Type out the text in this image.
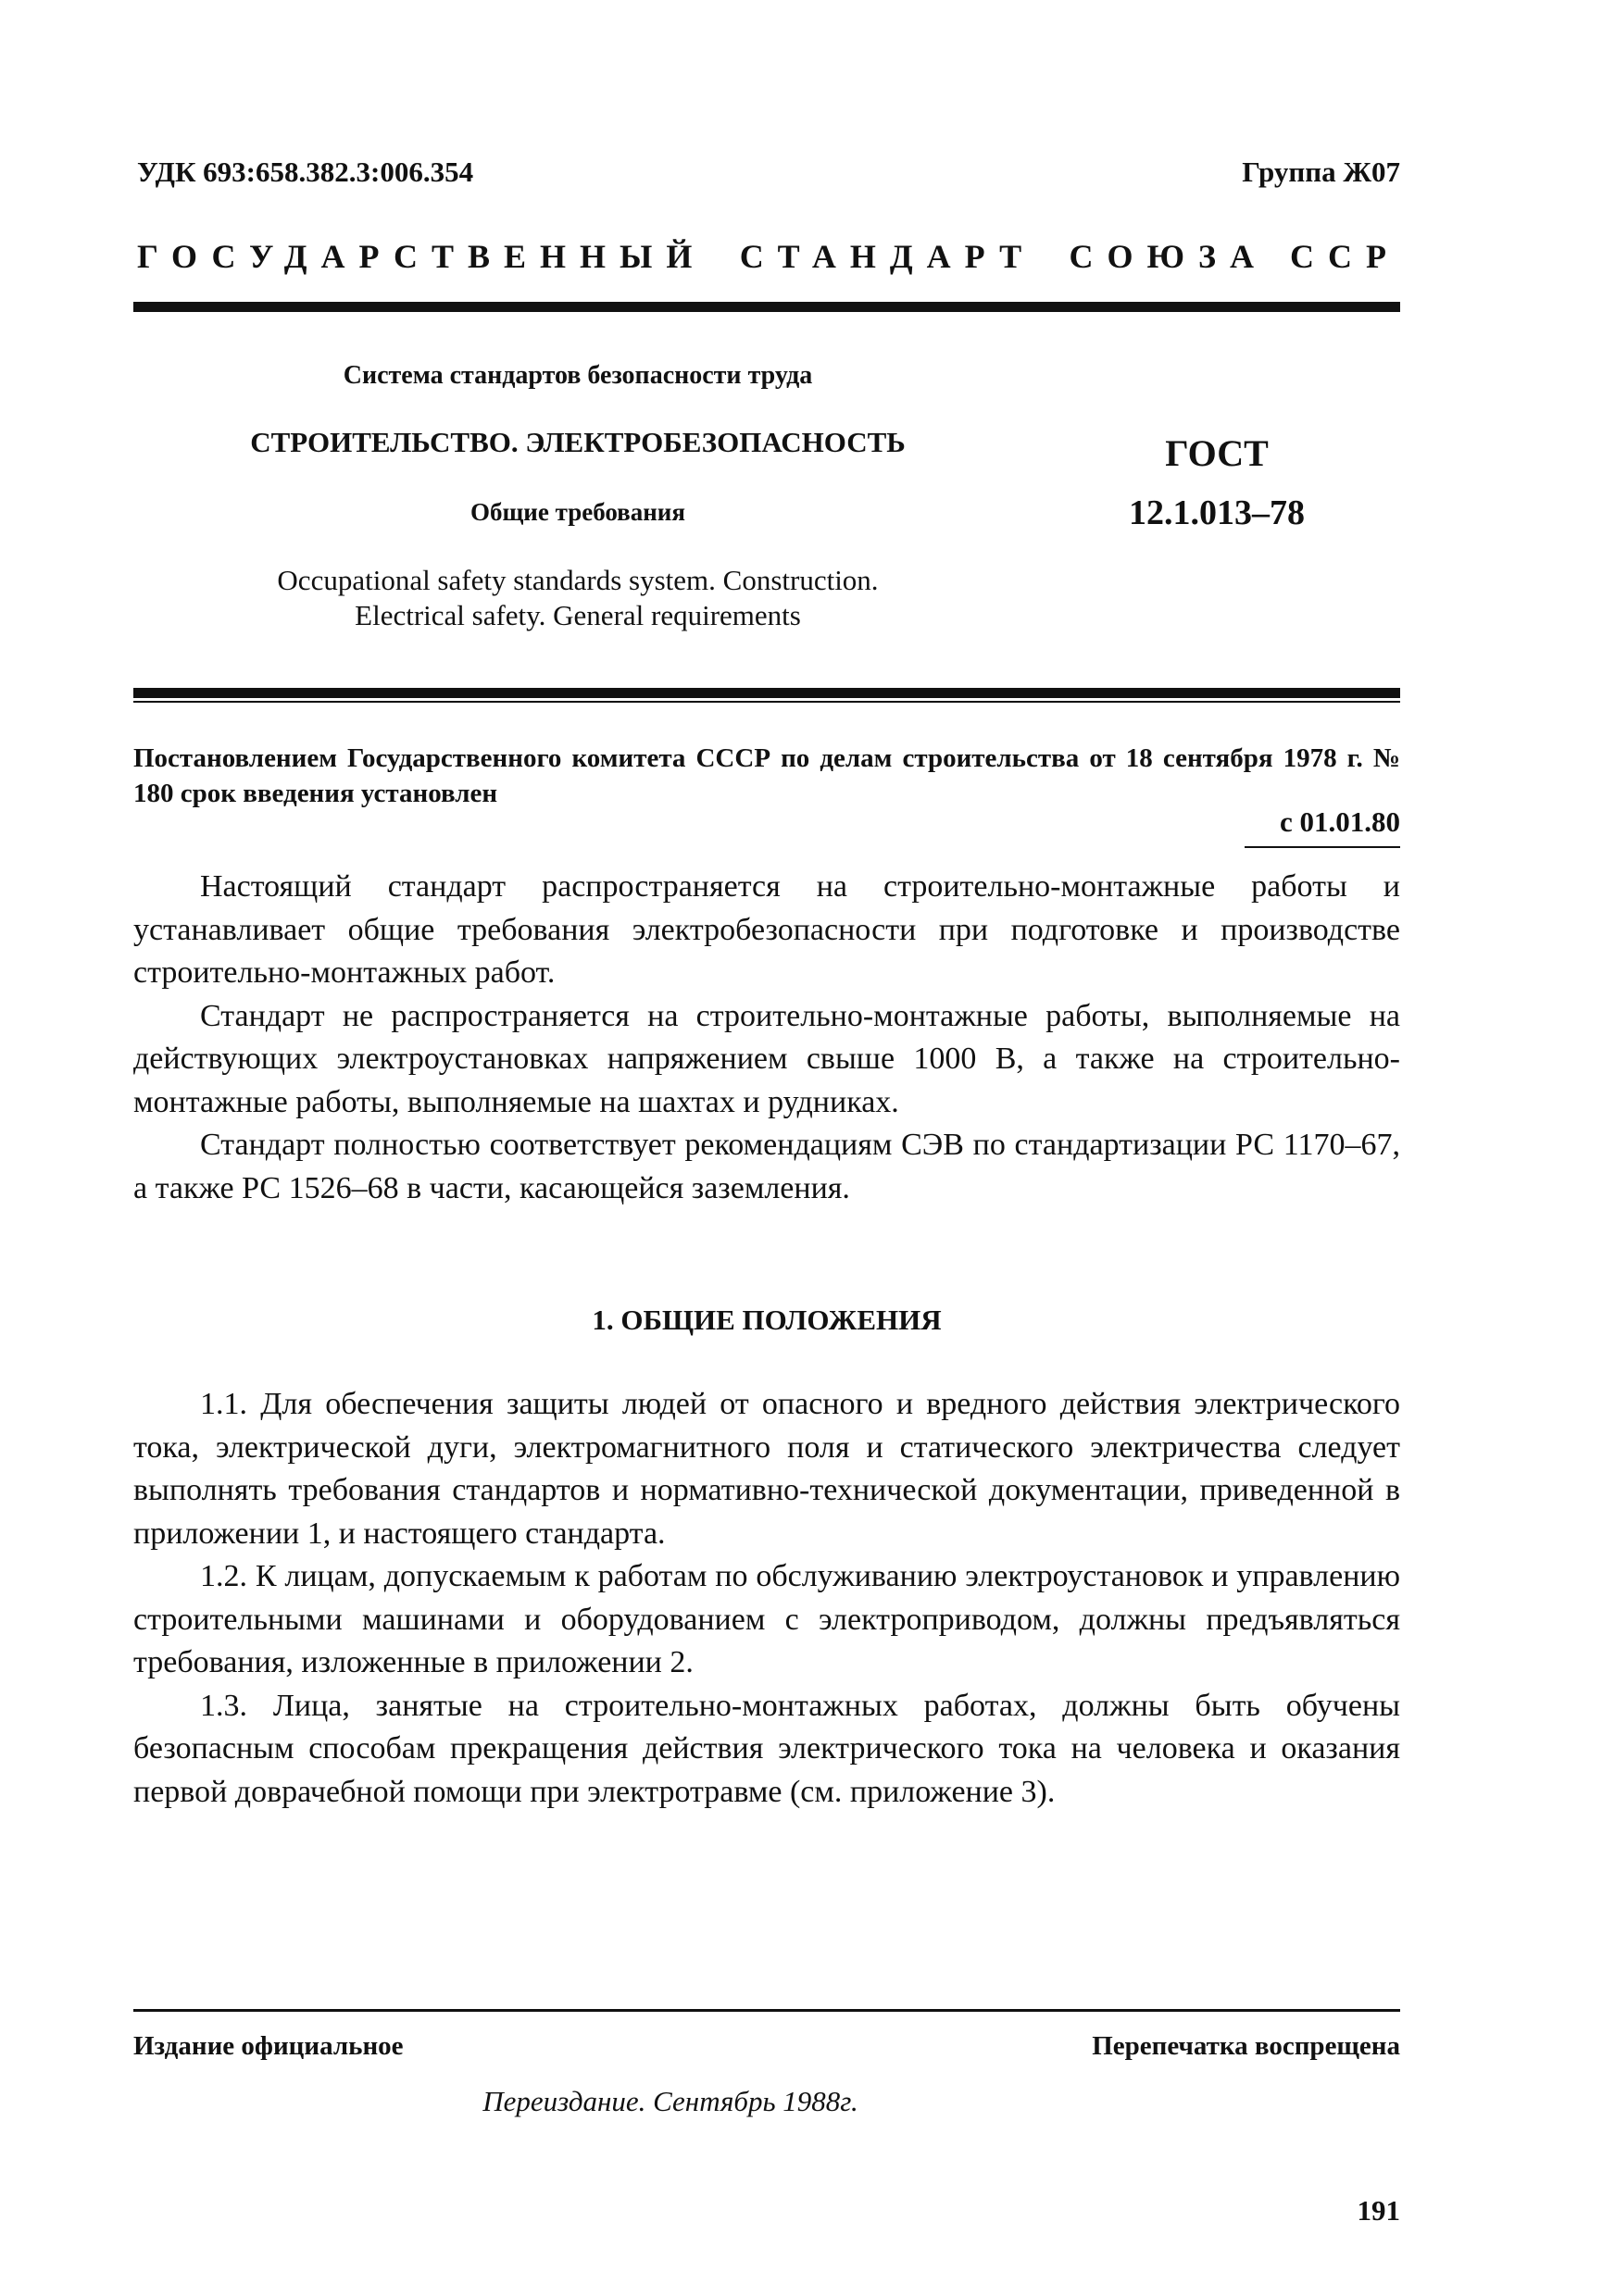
УДК 693:658.382.3:006.354	Группа Ж07
ГОСУДАРСТВЕННЫЙ СТАНДАРТ СОЮЗА ССР
Система стандартов безопасности труда
СТРОИТЕЛЬСТВО. ЭЛЕКТРОБЕЗОПАСНОСТЬ
Общие требования
Occupational safety standards system. Construction.
Electrical safety. General requirements
ГОСТ
12.1.013–78
Постановлением Государственного комитета СССР по делам строительства от 18 сентября 1978 г. № 180 срок введения установлен
с 01.01.80

Настоящий стандарт распространяется на строительно-монтажные работы и устанавливает общие требования электробезопасности при подготовке и производстве строительно-монтажных работ.

Стандарт не распространяется на строительно-монтажные работы, выполняемые на действующих электроустановках напряжением свыше 1000 В, а также на строительно-монтажные работы, выполняемые на шахтах и рудниках.

Стандарт полностью соответствует рекомендациям СЭВ по стандартизации РС 1170–67, а также РС 1526–68 в части, касающейся заземления.

1. ОБЩИЕ ПОЛОЖЕНИЯ

1.1. Для обеспечения защиты людей от опасного и вредного действия электрического тока, электрической дуги, электромагнитного поля и статического электричества следует выполнять требования стандартов и нормативно-технической документации, приведенной в приложении 1, и настоящего стандарта.

1.2. К лицам, допускаемым к работам по обслуживанию электроустановок и управлению строительными машинами и оборудованием с электроприводом, должны предъявляться требования, изложенные в приложении 2.

1.3. Лица, занятые на строительно-монтажных работах, должны быть обучены безопасным способам прекращения действия электрического тока на человека и оказания первой доврачебной помощи при электротравме (см. приложение 3).

Издание официальное	Перепечатка воспрещена
Переиздание. Сентябрь 1988г.
191
